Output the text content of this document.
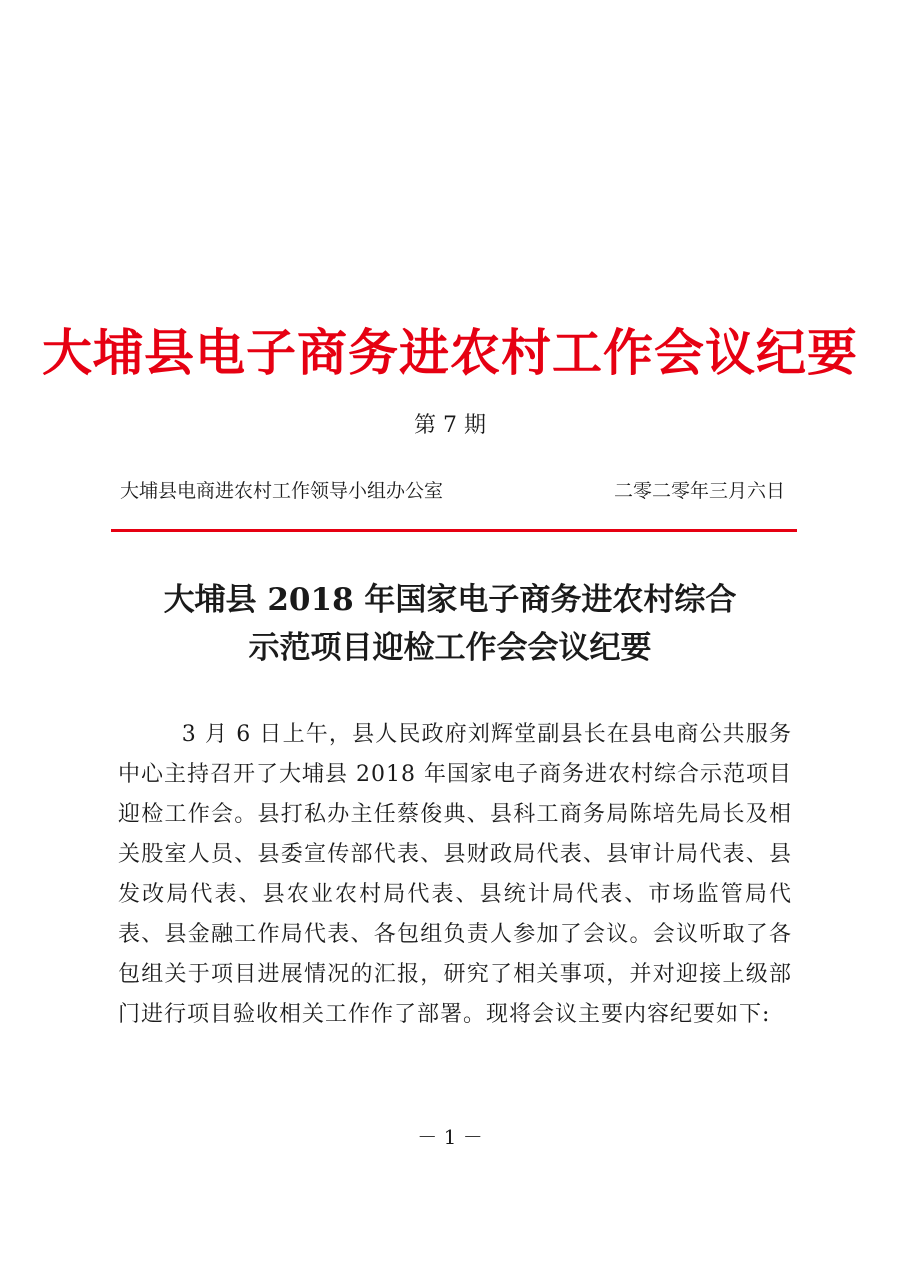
大埔县电子商务进农村工作会议纪要
第 7 期
大埔县电商进农村工作领导小组办公室	二零二零年三月六日
大埔县 2018 年国家电子商务进农村综合
示范项目迎检工作会会议纪要
3 月 6 日上午，县人民政府刘辉堂副县长在县电商公共服务中心主持召开了大埔县 2018 年国家电子商务进农村综合示范项目迎检工作会。县打私办主任蔡俊典、县科工商务局陈培先局长及相关股室人员、县委宣传部代表、县财政局代表、县审计局代表、县发改局代表、县农业农村局代表、县统计局代表、市场监管局代表、县金融工作局代表、各包组负责人参加了会议。会议听取了各包组关于项目进展情况的汇报，研究了相关事项，并对迎接上级部门进行项目验收相关工作作了部署。现将会议主要内容纪要如下:
－ 1 －
